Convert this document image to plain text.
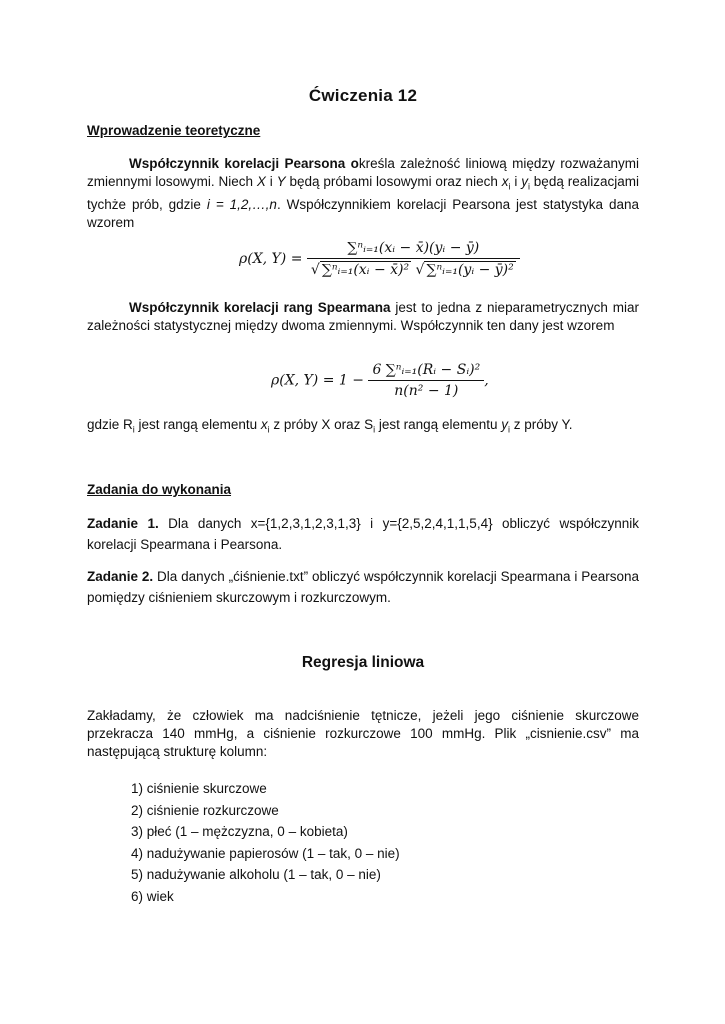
Ćwiczenia 12

Wprowadzenie teoretyczne

Współczynnik korelacji Pearsona określa zależność liniową między rozważanymi zmiennymi losowymi. Niech X i Y będą próbami losowymi oraz niech $x_i$ i $y_i$ będą realizacjami tychże prób, gdzie i = 1,2,…,n. Współczynnikiem korelacji Pearsona jest statystyka dana wzorem

ρ(X, $Y) = \frac{\text{∑ⁿᵢ₌₁(xᵢ − x̄)(yᵢ − ȳ)}}{\text{√ ∑ⁿᵢ₌₁(xᵢ − x̄)² √ ∑ⁿᵢ₌₁(yᵢ − ȳ)²}}$

Współczynnik korelacji rang Spearmana jest to jedna z nieparametrycznych miar zależności statystycznej między dwoma zmiennymi. Współczynnik ten dany jest wzorem

ρ(X, $Y) = 1 - \frac{\text{6 ∑ⁿᵢ₌₁(Rᵢ − Sᵢ)²}}{\text{n(n² − 1)}}$ ,

gdzie $R_i$ jest rangą elementu $x_i$ z próby X oraz $S_i$ jest rangą elementu $y_i$ z próby Y.

Zadania do wykonania

Zadanie 1. Dla danych x={1,2,3,1,2,3,1,3} i y={2,5,2,4,1,1,5,4} obliczyć współczynnik korelacji Spearmana i Pearsona.

Zadanie 2. Dla danych „ćiśnienie.txt” obliczyć współczynnik korelacji Spearmana i Pearsona pomiędzy ciśnieniem skurczowym i rozkurczowym.

Regresja liniowa

Zakładamy, że człowiek ma nadciśnienie tętnicze, jeżeli jego ciśnienie skurczowe przekracza 140 mmHg, a ciśnienie rozkurczowe 100 mmHg. Plik „cisnienie.csv” ma następującą strukturę kolumn:

1) ciśnienie skurczowe
2) ciśnienie rozkurczowe
3) płeć (1 – mężczyzna, 0 – kobieta)
4) nadużywanie papierosów (1 – tak, 0 – nie)
5) nadużywanie alkoholu (1 – tak, 0 – nie)
6) wiek
